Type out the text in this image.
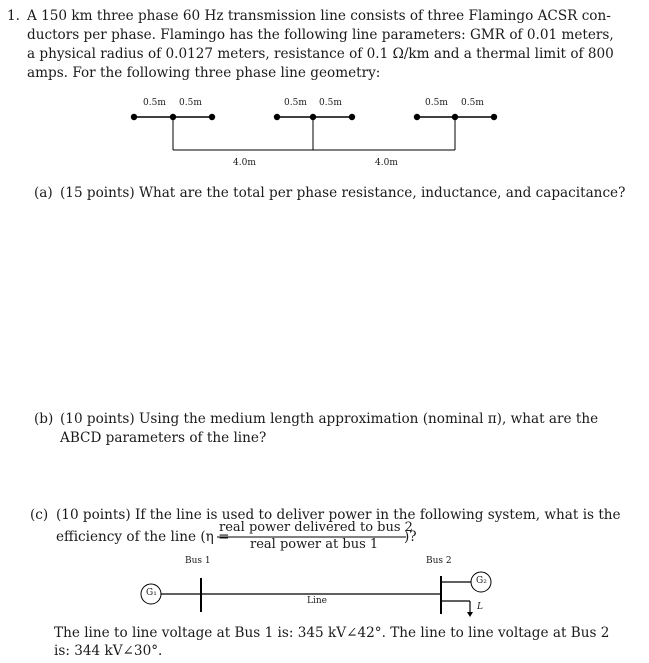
1. A 150 km three phase 60 Hz transmission line consists of three Flamingo ACSR con-
ductors per phase. Flamingo has the following line parameters: GMR of 0.01 meters,
a physical radius of 0.0127 meters, resistance of 0.1 Ω/km and a thermal limit of 800
amps. For the following three phase line geometry:
0.5m 0.5m	0.5m 0.5m	0.5m 0.5m
4.0m	4.0m
(a) (15 points) What are the total per phase resistance, inductance, and capacitance?
(b) (10 points) Using the medium length approximation (nominal π), what are the
ABCD parameters of the line?
(c) (10 points) If the line is used to deliver power in the following system, what is the
efficiency of the line (η =
real power delivered to bus 2
real power at bus 1 )?
Bus 1	Bus 2
G₁
G₂
Line
L
The line to line voltage at Bus 1 is: 345 kV∠42°. The line to line voltage at Bus 2
is: 344 kV∠30°.
